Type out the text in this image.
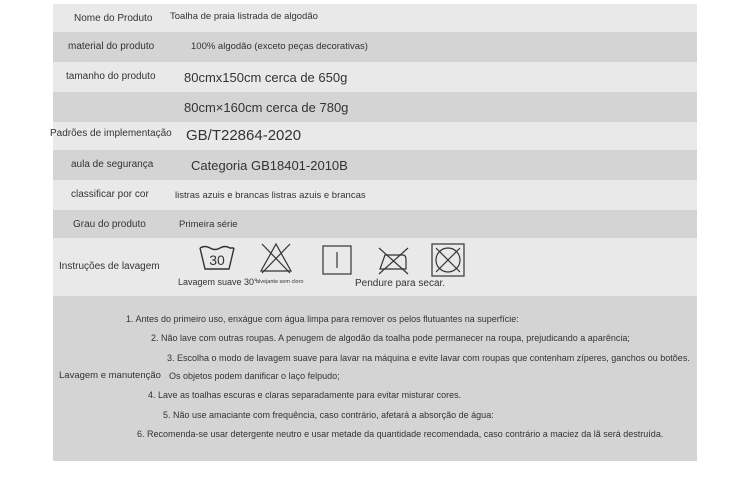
Nome do Produto Toalha de praia listrada de algodão
material do produto	100% algodão (exceto peças decorativas)
tamanho do produto 80cmx150cm cerca de 650g
80cm×160cm cerca de 780g
Padrões de implementação GB/T22864-2020
aula de segurança	Categoria GB18401-2010B
classificar por cor	listras azuis e brancas listras azuis e brancas
Grau do produto	Primeira série
Instruções de lavagem	30
Lavagem suave 30°
alvejante sem cloro	Pendure para secar.
Lavagem e manutenção
1. Antes do primeiro uso, enxágue com água limpa para remover os pelos flutuantes na superfície:
2. Não lave com outras roupas. A penugem de algodão da toalha pode permanecer na roupa, prejudicando a aparência;
3. Escolha o modo de lavagem suave para lavar na máquina e evite lavar com roupas que contenham zíperes, ganchos ou botões.
Os objetos podem danificar o laço felpudo;
4. Lave as toalhas escuras e claras separadamente para evitar misturar cores.
5. Não use amaciante com frequência, caso contrário, afetará a absorção de água:
6. Recomenda-se usar detergente neutro e usar metade da quantidade recomendada, caso contrário a maciez da lã será destruída.
